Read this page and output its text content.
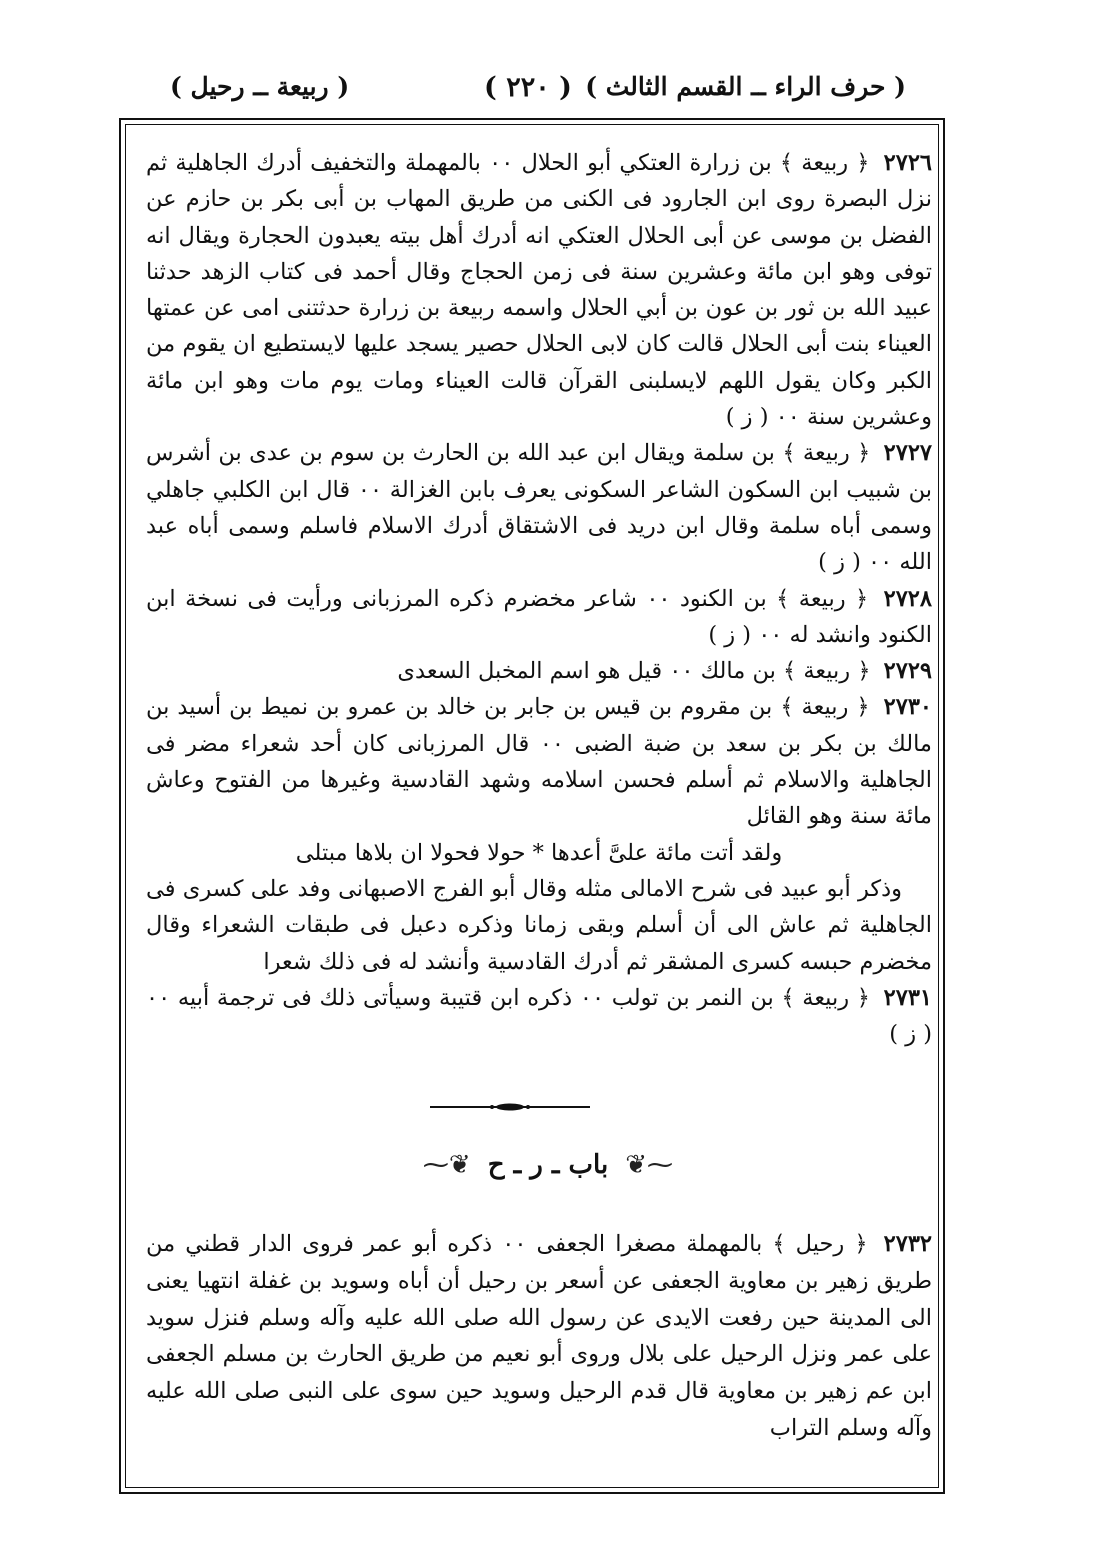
( حرف الراء ــ القسم الثالث )
( ٢٢٠ )
( ربيعة ــ رحيل )

٢٧٢٦ ﴿ ربيعة ﴾ بن زرارة العتكي أبو الحلال ٠٠ بالمهملة والتخفيف أدرك الجاهلية ثم نزل البصرة روى ابن الجارود فى الكنى من طريق المهاب بن أبى بكر بن حازم عن الفضل بن موسى عن أبى الحلال العتكي انه أدرك أهل بيته يعبدون الحجارة ويقال انه توفى وهو ابن مائة وعشرين سنة فى زمن الحجاج وقال أحمد فى كتاب الزهد حدثنا عبيد الله بن ثور بن عون بن أبي الحلال واسمه ربيعة بن زرارة حدثتنى امى عن عمتها العيناء بنت أبى الحلال قالت كان لابى الحلال حصير يسجد عليها لايستطيع ان يقوم من الكبر وكان يقول اللهم لايسلبنى القرآن قالت العيناء ومات يوم مات وهو ابن مائة وعشرين سنة ٠٠ ( ز )

٢٧٢٧ ﴿ ربيعة ﴾ بن سلمة ويقال ابن عبد الله بن الحارث بن سوم بن عدى بن أشرس بن شبيب ابن السكون الشاعر السكونى يعرف بابن الغزالة ٠٠ قال ابن الكلبي جاهلي وسمى أباه سلمة وقال ابن دريد فى الاشتقاق أدرك الاسلام فاسلم وسمى أباه عبد الله ٠٠ ( ز )

٢٧٢٨ ﴿ ربيعة ﴾ بن الكنود ٠٠ شاعر مخضرم ذكره المرزبانى ورأيت فى نسخة ابن الكنود وانشد له ٠٠ ( ز )

٢٧٢٩ ﴿ ربيعة ﴾ بن مالك ٠٠ قيل هو اسم المخبل السعدى

٢٧٣٠ ﴿ ربيعة ﴾ بن مقروم بن قيس بن جابر بن خالد بن عمرو بن نميط بن أسيد بن مالك بن بكر بن سعد بن ضبة الضبى ٠٠ قال المرزبانى كان أحد شعراء مضر فى الجاهلية والاسلام ثم أسلم فحسن اسلامه وشهد القادسية وغيرها من الفتوح وعاش مائة سنة وهو القائل

ولقد أتت مائة علىَّ أعدها * حولا فحولا ان بلاها مبتلى

وذكر أبو عبيد فى شرح الامالى مثله وقال أبو الفرج الاصبهانى وفد على كسرى فى الجاهلية ثم عاش الى أن أسلم وبقى زمانا وذكره دعبل فى طبقات الشعراء وقال مخضرم حبسه كسرى المشقر ثم أدرك القادسية وأنشد له فى ذلك شعرا

٢٧٣١ ﴿ ربيعة ﴾ بن النمر بن تولب ٠٠ ذكره ابن قتيبة وسيأتى ذلك فى ترجمة أبيه ٠٠ ( ز )

⁓❦ باب ـ ر ـ ح ❦⁓

٢٧٣٢ ﴿ رحيل ﴾ بالمهملة مصغرا الجعفى ٠٠ ذكره أبو عمر فروى الدار قطني من طريق زهير بن معاوية الجعفى عن أسعر بن رحيل أن أباه وسويد بن غفلة انتهيا يعنى الى المدينة حين رفعت الايدى عن رسول الله صلى الله عليه وآله وسلم فنزل سويد على عمر ونزل الرحيل على بلال وروى أبو نعيم من طريق الحارث بن مسلم الجعفى ابن عم زهير بن معاوية قال قدم الرحيل وسويد حين سوى على النبى صلى الله عليه وآله وسلم التراب
